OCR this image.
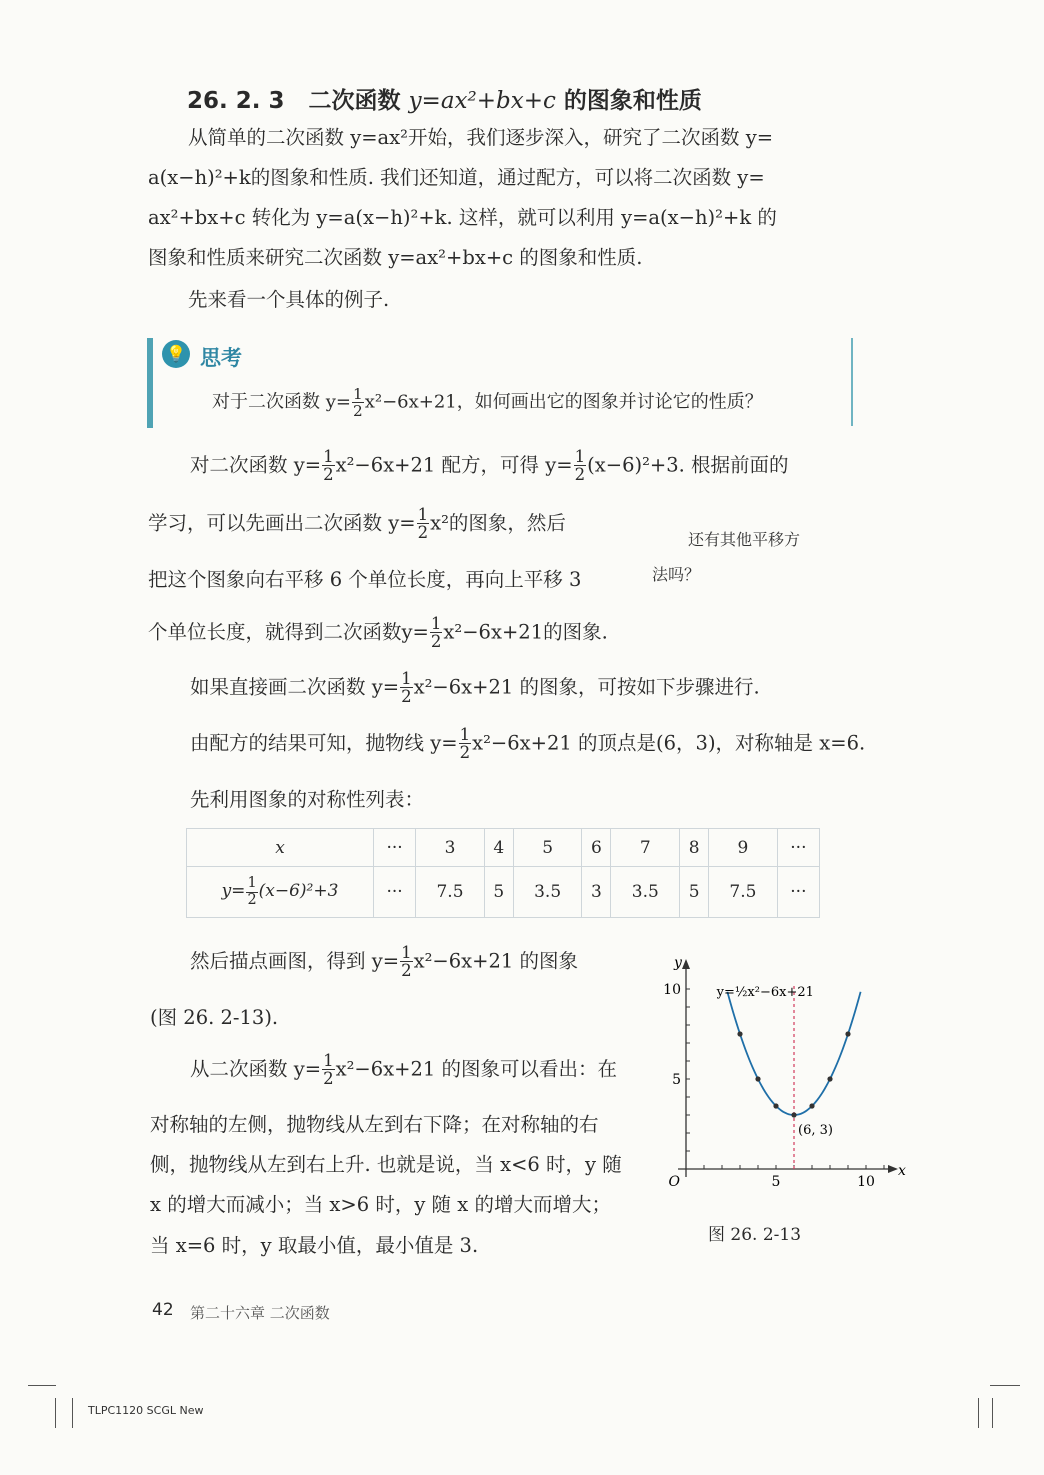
26. 2. 3 二次函数 y=ax²+bx+c 的图象和性质
从简单的二次函数 y=ax²开始，我们逐步深入，研究了二次函数 y=
a(x−h)²+k的图象和性质. 我们还知道，通过配方，可以将二次函数 y=
ax²+bx+c 转化为 y=a(x−h)²+k. 这样，就可以利用 y=a(x−h)²+k 的
图象和性质来研究二次函数 y=ax²+bx+c 的图象和性质.
先来看一个具体的例子.
💡 思考
对于二次函数 $y= \frac{1}{2} x^2-6x+21$，如何画出它的图象并讨论它的性质？
对二次函数 $y= \frac{1}{2} x^2-6x+21$ 配方，可得 $y= \frac{1}{2} (x-6)^2+3$. 根据前面的
学习，可以先画出二次函数 $y= \frac{1}{2} x^2$的图象，然后
把这个图象向右平移 6 个单位长度，再向上平移 3
个单位长度，就得到二次函数$y= \frac{1}{2} x^2-6x+21$的图象.
还有其他平移方
法吗？
如果直接画二次函数 $y= \frac{1}{2} x^2-6x+21$ 的图象，可按如下步骤进行.
由配方的结果可知，抛物线 $y= \frac{1}{2} x^2-6x+21$ 的顶点是(6，3)，对称轴是 x=6.
先利用图象的对称性列表：
x	···	3	4	5	6	7	8	9	···
$y= \frac{1}{2} (x-6)^2+3$	···	7.5	5	3.5	3	3.5	5	7.5	···
然后描点画图，得到 $y= \frac{1}{2} x^2-6x+21$ 的图象
(图 26. 2-13).
从二次函数 $y= \frac{1}{2} x^2-6x+21$ 的图象可以看出：在
对称轴的左侧，抛物线从左到右下降；在对称轴的右
侧，抛物线从左到右上升. 也就是说，当 x<6 时，y 随
x 的增大而减小；当 x>6 时，y 随 x 的增大而增大；
当 x=6 时，y 取最小值，最小值是 3.
5	10
5
10
O
x
y
(6, 3)
y=½x²−6x+21
图 26. 2-13
42 第二十六章 二次函数
TLPC1120 SCGL New
